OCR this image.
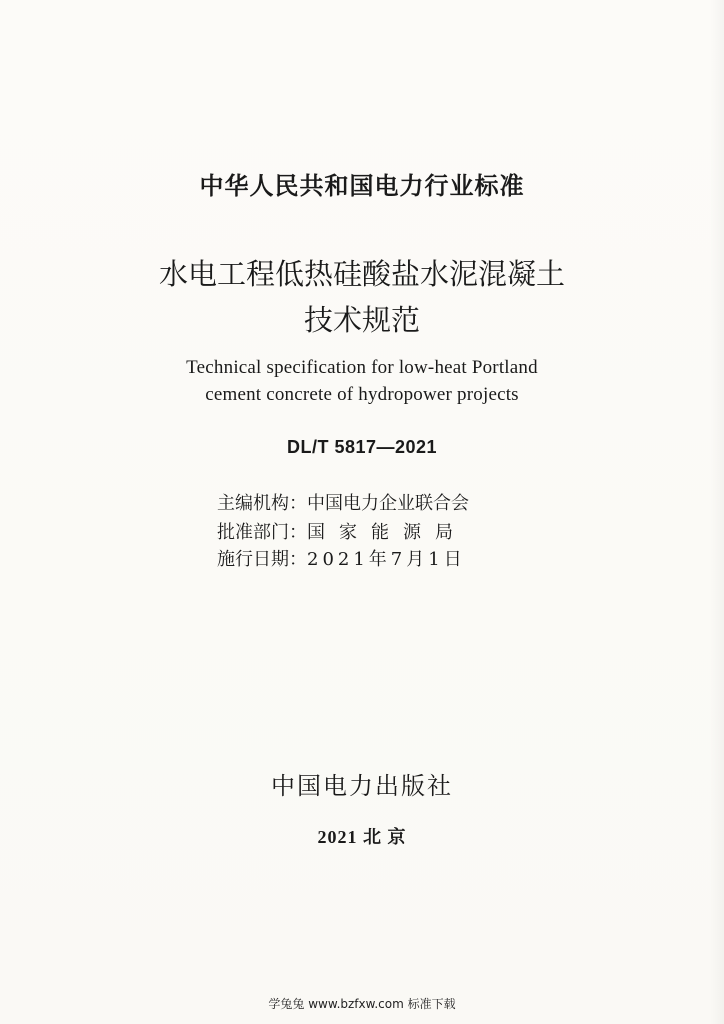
中华人民共和国电力行业标准
水电工程低热硅酸盐水泥混凝土
技术规范
Technical specification for low-heat Portland
cement concrete of hydropower projects
DL/T 5817—2021
主编机构：中国电力企业联合会
批准部门：国家能源局
施行日期：2021年7月1日
中国电力出版社
2021 北 京
学兔兔 www.bzfxw.com 标准下载
